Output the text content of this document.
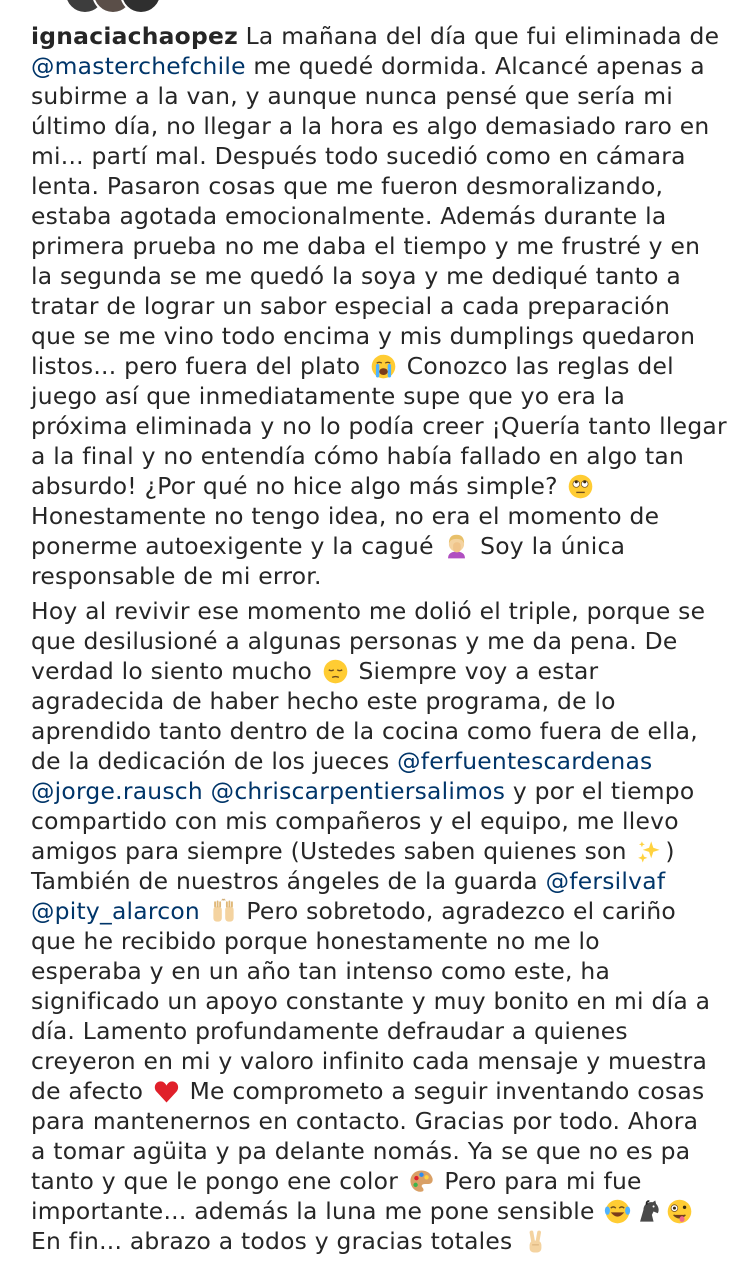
ignaciachaopez La mañana del día que fui eliminada de
@masterchefchile me quedé dormida. Alcancé apenas a
subirme a la van, y aunque nunca pensé que sería mi
último día, no llegar a la hora es algo demasiado raro en
mi... partí mal. Después todo sucedió como en cámara
lenta. Pasaron cosas que me fueron desmoralizando,
estaba agotada emocionalmente. Además durante la
primera prueba no me daba el tiempo y me frustré y en
la segunda se me quedó la soya y me dediqué tanto a
tratar de lograr un sabor especial a cada preparación
que se me vino todo encima y mis dumplings quedaron
listos... pero fuera del plato
Conozco las reglas del
juego así que inmediatamente supe que yo era la
próxima eliminada y no lo podía creer ¡Quería tanto llegar
a la final y no entendía cómo había fallado en algo tan
absurdo! ¿Por qué no hice algo más simple?
Honestamente no tengo idea, no era el momento de
ponerme autoexigente y la cagué
Soy la única
responsable de mi error.
Hoy al revivir ese momento me dolió el triple, porque se
que desilusioné a algunas personas y me da pena. De
verdad lo siento mucho
Siempre voy a estar
agradecida de haber hecho este programa, de lo
aprendido tanto dentro de la cocina como fuera de ella,
de la dedicación de los jueces @ferfuentescardenas
@jorge.rausch @chriscarpentiersalimos y por el tiempo
compartido con mis compañeros y el equipo, me llevo
amigos para siempre (Ustedes saben quienes son
)
También de nuestros ángeles de la guarda @fersilvaf
@pity_alarcon
Pero sobretodo, agradezco el cariño
que he recibido porque honestamente no me lo
esperaba y en un año tan intenso como este, ha
significado un apoyo constante y muy bonito en mi día a
día. Lamento profundamente defraudar a quienes
creyeron en mi y valoro infinito cada mensaje y muestra
de afecto
Me comprometo a seguir inventando cosas
para mantenernos en contacto. Gracias por todo. Ahora
a tomar agüita y pa delante nomás. Ya se que no es pa
tanto y que le pongo ene color
Pero para mi fue
importante... además la luna me pone sensible
En fin... abrazo a todos y gracias totales
